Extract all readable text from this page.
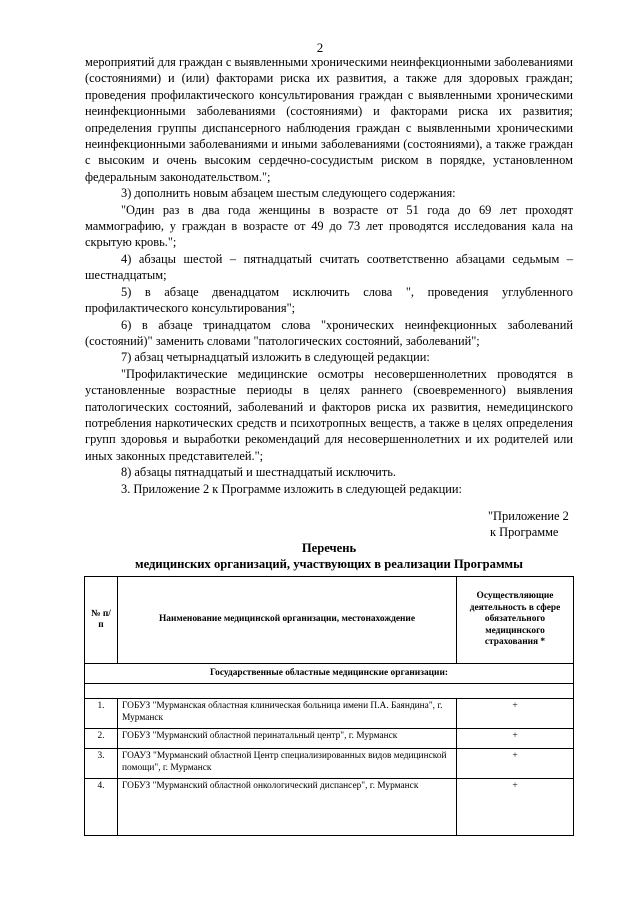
2

мероприятий для граждан с выявленными хроническими неинфекционными заболеваниями (состояниями) и (или) факторами риска их развития, а также для здоровых граждан; проведения профилактического консультирования граждан с выявленными хроническими неинфекционными заболеваниями (состояниями) и факторами риска их развития; определения группы диспансерного наблюдения граждан с выявленными хроническими неинфекционными заболеваниями и иными заболеваниями (состояниями), а также граждан с высоким и очень высоким сердечно-сосудистым риском в порядке, установленном федеральным законодательством.";

3) дополнить новым абзацем шестым следующего содержания:

"Один раз в два года женщины в возрасте от 51 года до 69 лет проходят маммографию, у граждан в возрасте от 49 до 73 лет проводятся исследования кала на скрытую кровь.";

4) абзацы шестой – пятнадцатый считать соответственно абзацами седьмым – шестнадцатым;

5) в абзаце двенадцатом исключить слова ", проведения углубленного профилактического консультирования";

6) в абзаце тринадцатом слова "хронических неинфекционных заболеваний (состояний)" заменить словами "патологических состояний, заболеваний";

7) абзац четырнадцатый изложить в следующей редакции:

"Профилактические медицинские осмотры несовершеннолетних проводятся в установленные возрастные периоды в целях раннего (своевременного) выявления патологических состояний, заболеваний и факторов риска их развития, немедицинского потребления наркотических средств и психотропных веществ, а также в целях определения групп здоровья и выработки рекомендаций для несовершеннолетних и их родителей или иных законных представителей.";

8) абзацы пятнадцатый и шестнадцатый исключить.

3. Приложение 2 к Программе изложить в следующей редакции:

"Приложение 2
к Программе
Перечень
медицинских организаций, участвующих в реализации Программы
№ п/п	Наименование медицинской организации, местонахождение	Осуществляющие деятельность в сфере обязательного медицинского страхования *
Государственные областные медицинские организации:		

1.	ГОБУЗ "Мурманская областная клиническая больница имени П.А. Баяндина", г. Мурманск	+
2.	ГОБУЗ "Мурманский областной перинатальный центр", г. Мурманск	+
3.	ГОАУЗ "Мурманский областной Центр специализированных видов медицинской помощи", г. Мурманск	+
4.	ГОБУЗ "Мурманский областной онкологический диспансер", г. Мурманск	+
